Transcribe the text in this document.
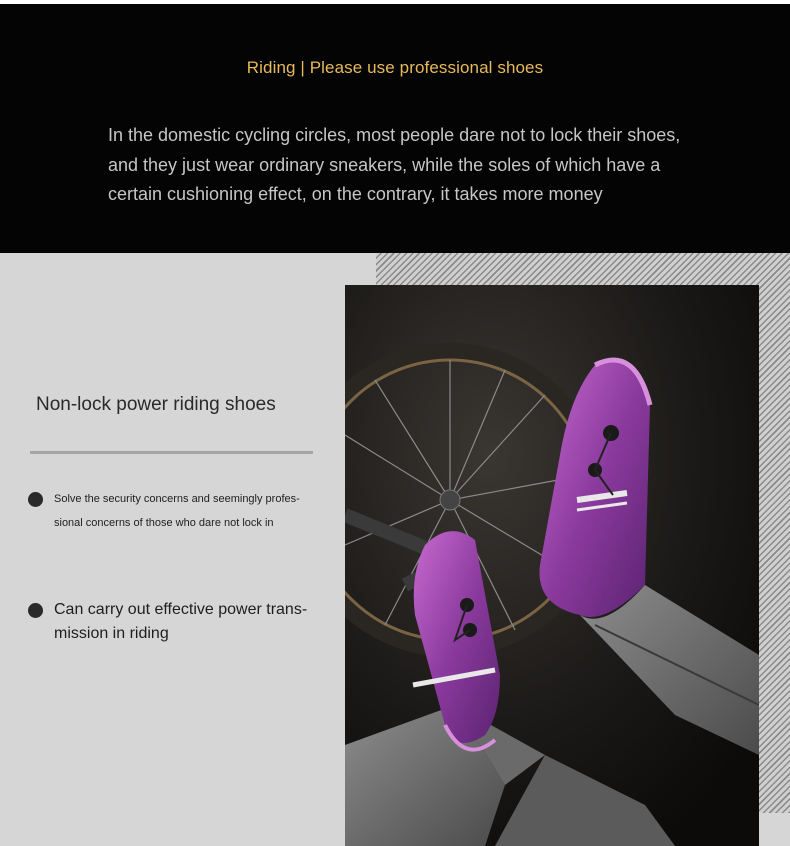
Riding | Please use professional shoes
In the domestic cycling circles, most people dare not to lock their shoes, and they just wear ordinary sneakers, while the soles of which have a certain cushioning effect, on the contrary, it takes more money
Non-lock power riding shoes
Solve the security concerns and seemingly profes-sional concerns of those who dare not lock in
Can carry out effective power trans-mission in riding
